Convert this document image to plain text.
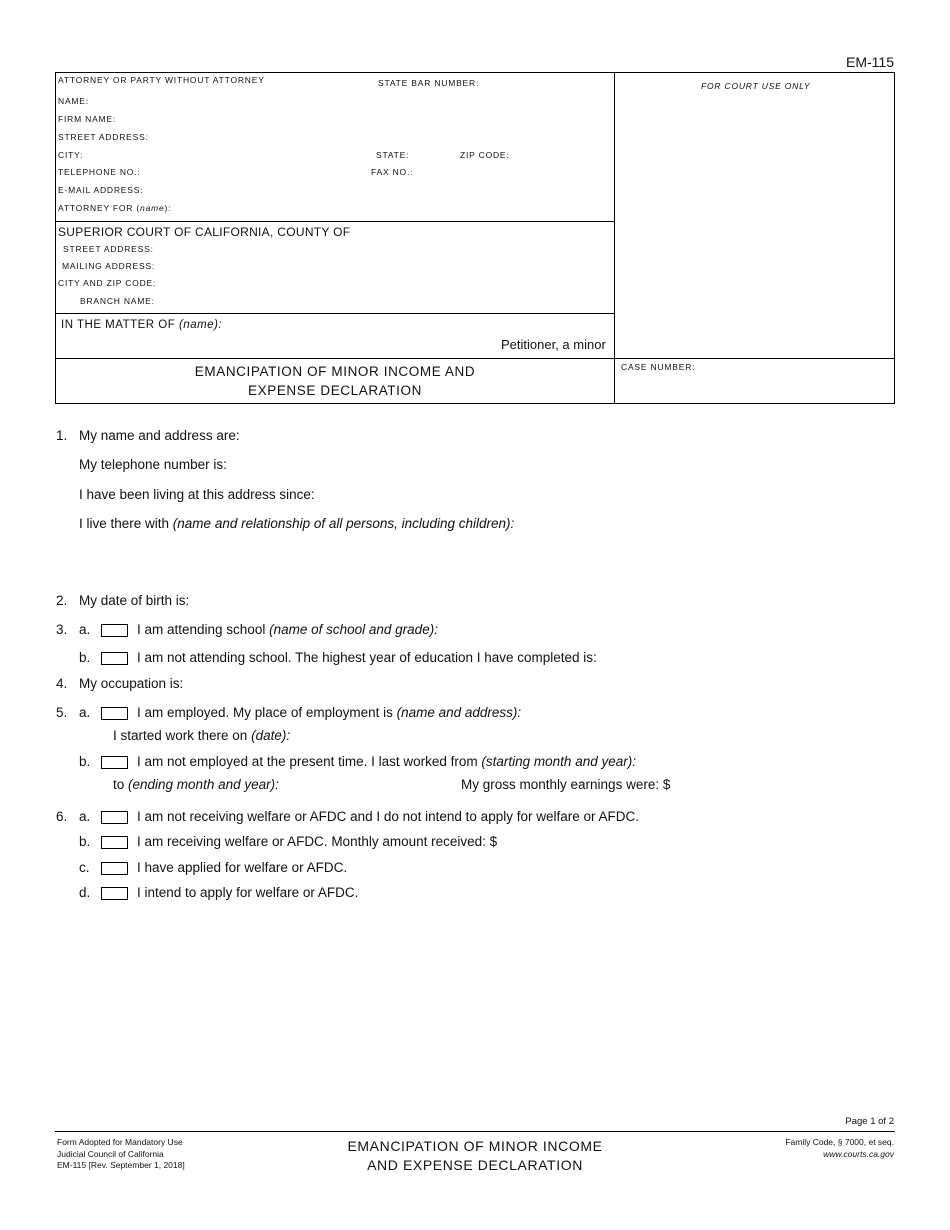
EM-115
ATTORNEY OR PARTY WITHOUT ATTORNEY	STATE BAR NUMBER:
NAME:
FIRM NAME:
STREET ADDRESS:
CITY:	STATE:	ZIP CODE:
TELEPHONE NO.:	FAX NO.:
E-MAIL ADDRESS:
ATTORNEY FOR (name):
FOR COURT USE ONLY
SUPERIOR COURT OF CALIFORNIA, COUNTY OF
STREET ADDRESS:
MAILING ADDRESS:
CITY AND ZIP CODE:
BRANCH NAME:
IN THE MATTER OF (name):
Petitioner, a minor
EMANCIPATION OF MINOR INCOME AND
EXPENSE DECLARATION
CASE NUMBER:
1. My name and address are:
My telephone number is:
I have been living at this address since:
I live there with (name and relationship of all persons, including children):
2. My date of birth is:
3. a.	I am attending school (name of school and grade):
b.	I am not attending school. The highest year of education I have completed is:
4. My occupation is:
5. a.	I am employed. My place of employment is (name and address):
I started work there on (date):
b.	I am not employed at the present time. I last worked from (starting month and year):
to (ending month and year):	My gross monthly earnings were: $
6. a.	I am not receiving welfare or AFDC and I do not intend to apply for welfare or AFDC.
b.	I am receiving welfare or AFDC. Monthly amount received: $
c.	I have applied for welfare or AFDC.
d.	I intend to apply for welfare or AFDC.
Page 1 of 2
Form Adopted for Mandatory Use
Judicial Council of California
EM-115 [Rev. September 1, 2018]
EMANCIPATION OF MINOR INCOME
AND EXPENSE DECLARATION
Family Code, § 7000, et seq.
www.courts.ca.gov
